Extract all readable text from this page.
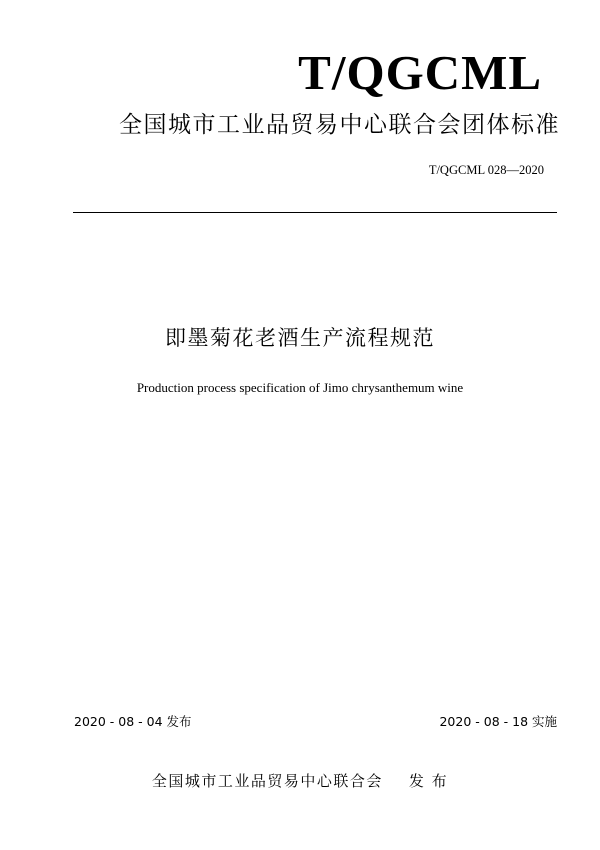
T/QGCML
全国城市工业品贸易中心联合会团体标准
T/QGCML 028—2020
即墨菊花老酒生产流程规范
Production process specification of Jimo chrysanthemum wine
2020 - 08 - 04 发布	2020 - 08 - 18 实施
全国城市工业品贸易中心联合会 发 布
